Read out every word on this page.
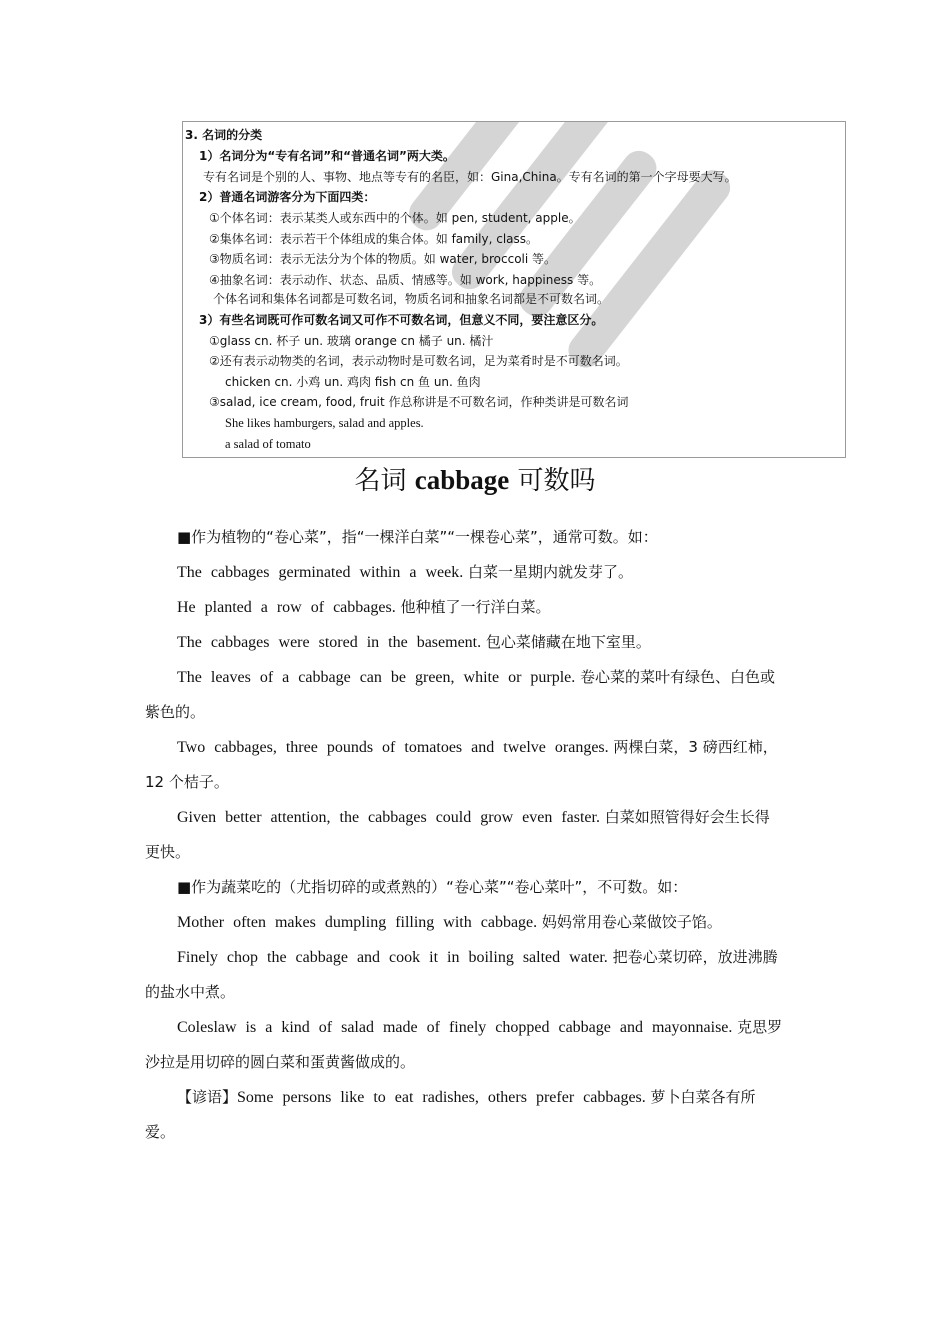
3. 名词的分类
1）名词分为“专有名词”和“普通名词”两大类。
专有名词是个别的人、事物、地点等专有的名臣，如：Gina,China。专有名词的第一个字母要大写。
2）普通名词游客分为下面四类：
①个体名词：表示某类人或东西中的个体。如 pen, student, apple。
②集体名词：表示若干个体组成的集合体。如 family, class。
③物质名词：表示无法分为个体的物质。如 water, broccoli 等。
④抽象名词：表示动作、状态、品质、情感等。如 work, happiness 等。
个体名词和集体名词都是可数名词，物质名词和抽象名词都是不可数名词。
3）有些名词既可作可数名词又可作不可数名词，但意义不同，要注意区分。
①glass cn. 杯子 un. 玻璃 orange cn 橘子 un. 橘汁
②还有表示动物类的名词，表示动物时是可数名词，足为菜肴时是不可数名词。
chicken cn. 小鸡 un. 鸡肉 fish cn 鱼 un. 鱼肉
③salad, ice cream, food, fruit 作总称讲是不可数名词，作种类讲是可数名词
She likes hamburgers, salad and apples.
a salad of tomato
名词 cabbage 可数吗
■作为植物的“卷心菜”，指“一棵洋白菜”“一棵卷心菜”，通常可数。如：
The cabbages germinated within a week. 白菜一星期内就发芽了。
He planted a row of cabbages. 他种植了一行洋白菜。
The cabbages were stored in the basement. 包心菜储藏在地下室里。
The leaves of a cabbage can be green, white or purple. 卷心菜的菜叶有绿色、白色或
紫色的。
Two cabbages, three pounds of tomatoes and twelve oranges. 两棵白菜，3 磅西红柿，
12 个桔子。
Given better attention, the cabbages could grow even faster. 白菜如照管得好会生长得
更快。
■作为蔬菜吃的（尤指切碎的或煮熟的）“卷心菜”“卷心菜叶”，不可数。如：
Mother often makes dumpling filling with cabbage. 妈妈常用卷心菜做饺子馅。
Finely chop the cabbage and cook it in boiling salted water. 把卷心菜切碎，放进沸腾
的盐水中煮。
Coleslaw is a kind of salad made of finely chopped cabbage and mayonnaise. 克思罗
沙拉是用切碎的圆白菜和蛋黄酱做成的。
【谚语】Some persons like to eat radishes, others prefer cabbages. 萝卜白菜各有所
爱。
